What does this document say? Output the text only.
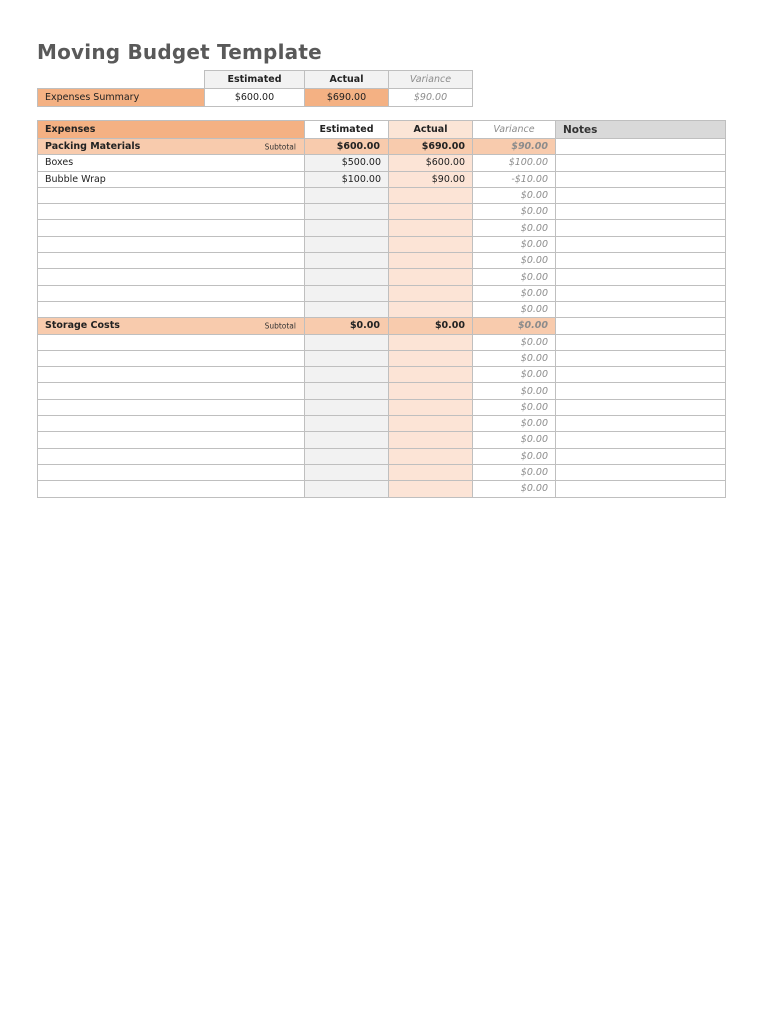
Moving Budget Template
	Estimated	Actual	Variance
Expenses Summary	$600.00	$690.00	$90.00
Expenses	Estimated	Actual	Variance	Notes
Packing Materials Subtotal	$600.00	$690.00	$90.00	
Boxes	$500.00	$600.00	$100.00	
Bubble Wrap	$100.00	$90.00	-$10.00	
			$0.00	
			$0.00	
			$0.00	
			$0.00	
			$0.00	
			$0.00	
			$0.00	
			$0.00	
Storage Costs Subtotal	$0.00	$0.00	$0.00	
			$0.00	
			$0.00	
			$0.00	
			$0.00	
			$0.00	
			$0.00	
			$0.00	
			$0.00	
			$0.00	
			$0.00	
